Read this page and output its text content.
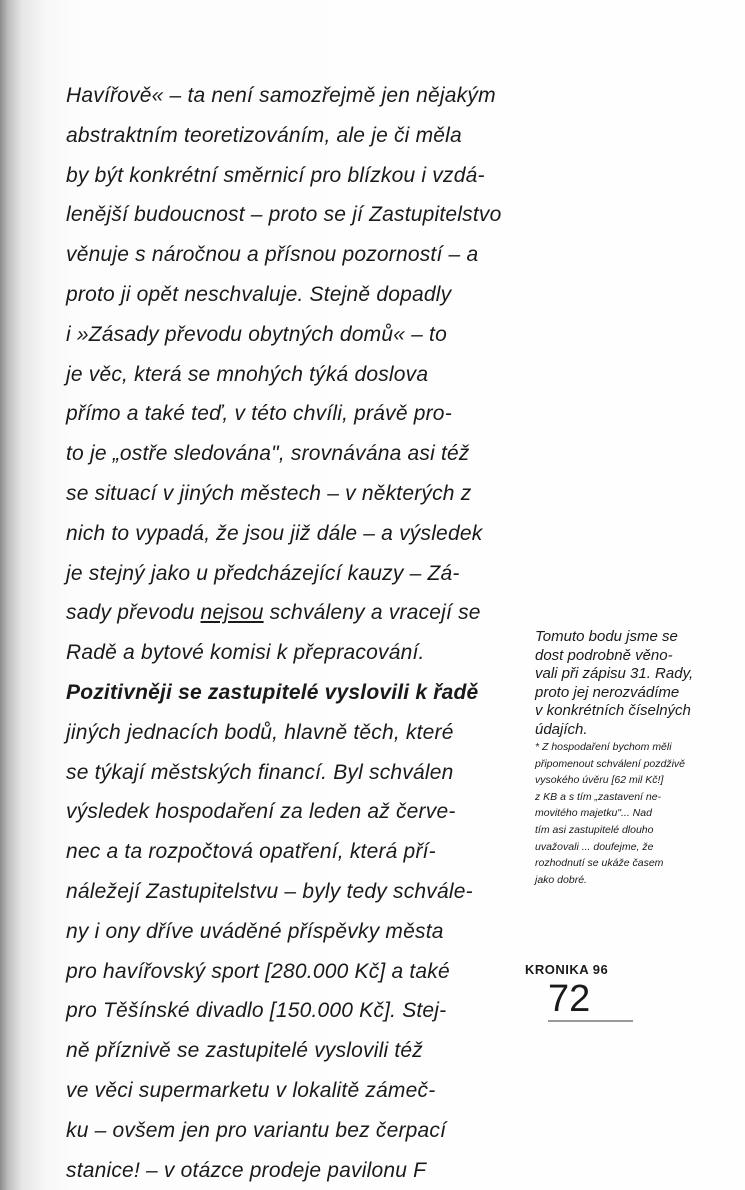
Havířově« – ta není samozřejmě jen nějakým
abstraktním teoretizováním, ale je či měla
by být konkrétní směrnicí pro blízkou i vzdá-
lenější budoucnost – proto se jí Zastupitelstvo
věnuje s náročnou a přísnou pozorností – a
proto ji opět neschvaluje. Stejně dopadly
i »Zásady převodu obytných domů« – to
je věc, která se mnohých týká doslova
přímo a také teď, v této chvíli, právě pro-
to je „ostře sledována", srovnávána asi též
se situací v jiných městech – v některých z
nich to vypadá, že jsou již dále – a výsledek
je stejný jako u předcházející kauzy – Zá-
sady převodu nejsou schváleny a vracejí se
Radě a bytové komisi k přepracování.
Pozitivněji se zastupitelé vyslovili k řadě
jiných jednacích bodů, hlavně těch, které
se týkají městských financí. Byl schválen
výsledek hospodaření za leden až červe-
nec a ta rozpočtová opatření, která pří-
náležejí Zastupitelstvu – byly tedy schvále-
ny i ony dříve uváděné příspěvky města
pro havířovský sport [280.000 Kč] a také
pro Těšínské divadlo [150.000 Kč]. Stej-
ně příznivě se zastupitelé vyslovili též
ve věci supermarketu v lokalitě zámeč-
ku – ovšem jen pro variantu bez čerpací
stanice! – v otázce prodeje pavilonu F
Tomuto bodu jsme se
dost podrobně věno-
vali při zápisu 31. Rady,
proto jej nerozvádíme
v konkrétních číselných
údajích.
* Z hospodaření bychom měli
připomenout schválení pozdživě
vysokého úvěru [62 mil Kč!]
z KB a s tím „zastavení ne-
movitého majetku"... Nad
tím asi zastupitelé dlouho
uvažovali ... doufejme, že
rozhodnutí se ukáže časem
jako dobré.
KRONIKA 96
72
